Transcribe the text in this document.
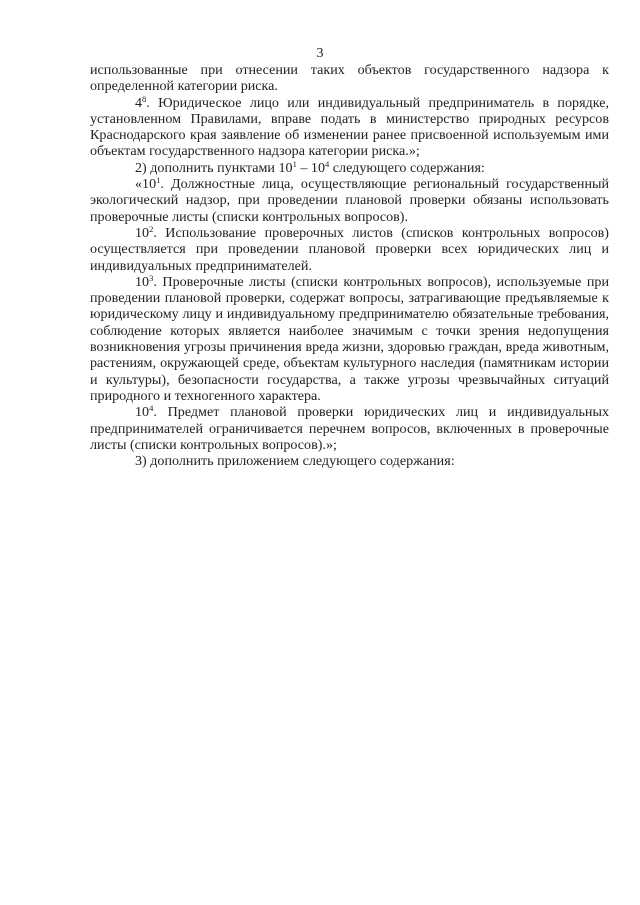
3

использованные при отнесении таких объектов государственного надзора к определенной категории риска.

$4^8$. Юридическое лицо или индивидуальный предприниматель в порядке, установленном Правилами, вправе подать в министерство природных ресурсов Краснодарского края заявление об изменении ранее присвоенной используемым ими объектам государственного надзора категории риска.»;

2) дополнить пунктами $10^1 - 10^4$ следующего содержания:

«$10^1$. Должностные лица, осуществляющие региональный государственный экологический надзор, при проведении плановой проверки обязаны использовать проверочные листы (списки контрольных вопросов).

$10^2$. Использование проверочных листов (списков контрольных вопросов) осуществляется при проведении плановой проверки всех юридических лиц и индивидуальных предпринимателей.

$10^3$. Проверочные листы (списки контрольных вопросов), используемые при проведении плановой проверки, содержат вопросы, затрагивающие предъявляемые к юридическому лицу и индивидуальному предпринимателю обязательные требования, соблюдение которых является наиболее значимым с точки зрения недопущения возникновения угрозы причинения вреда жизни, здоровью граждан, вреда животным, растениям, окружающей среде, объектам культурного наследия (памятникам истории и культуры), безопасности государства, а также угрозы чрезвычайных ситуаций природного и техногенного характера.

$10^4$. Предмет плановой проверки юридических лиц и индивидуальных предпринимателей ограничивается перечнем вопросов, включенных в проверочные листы (списки контрольных вопросов).»;

3) дополнить приложением следующего содержания:
